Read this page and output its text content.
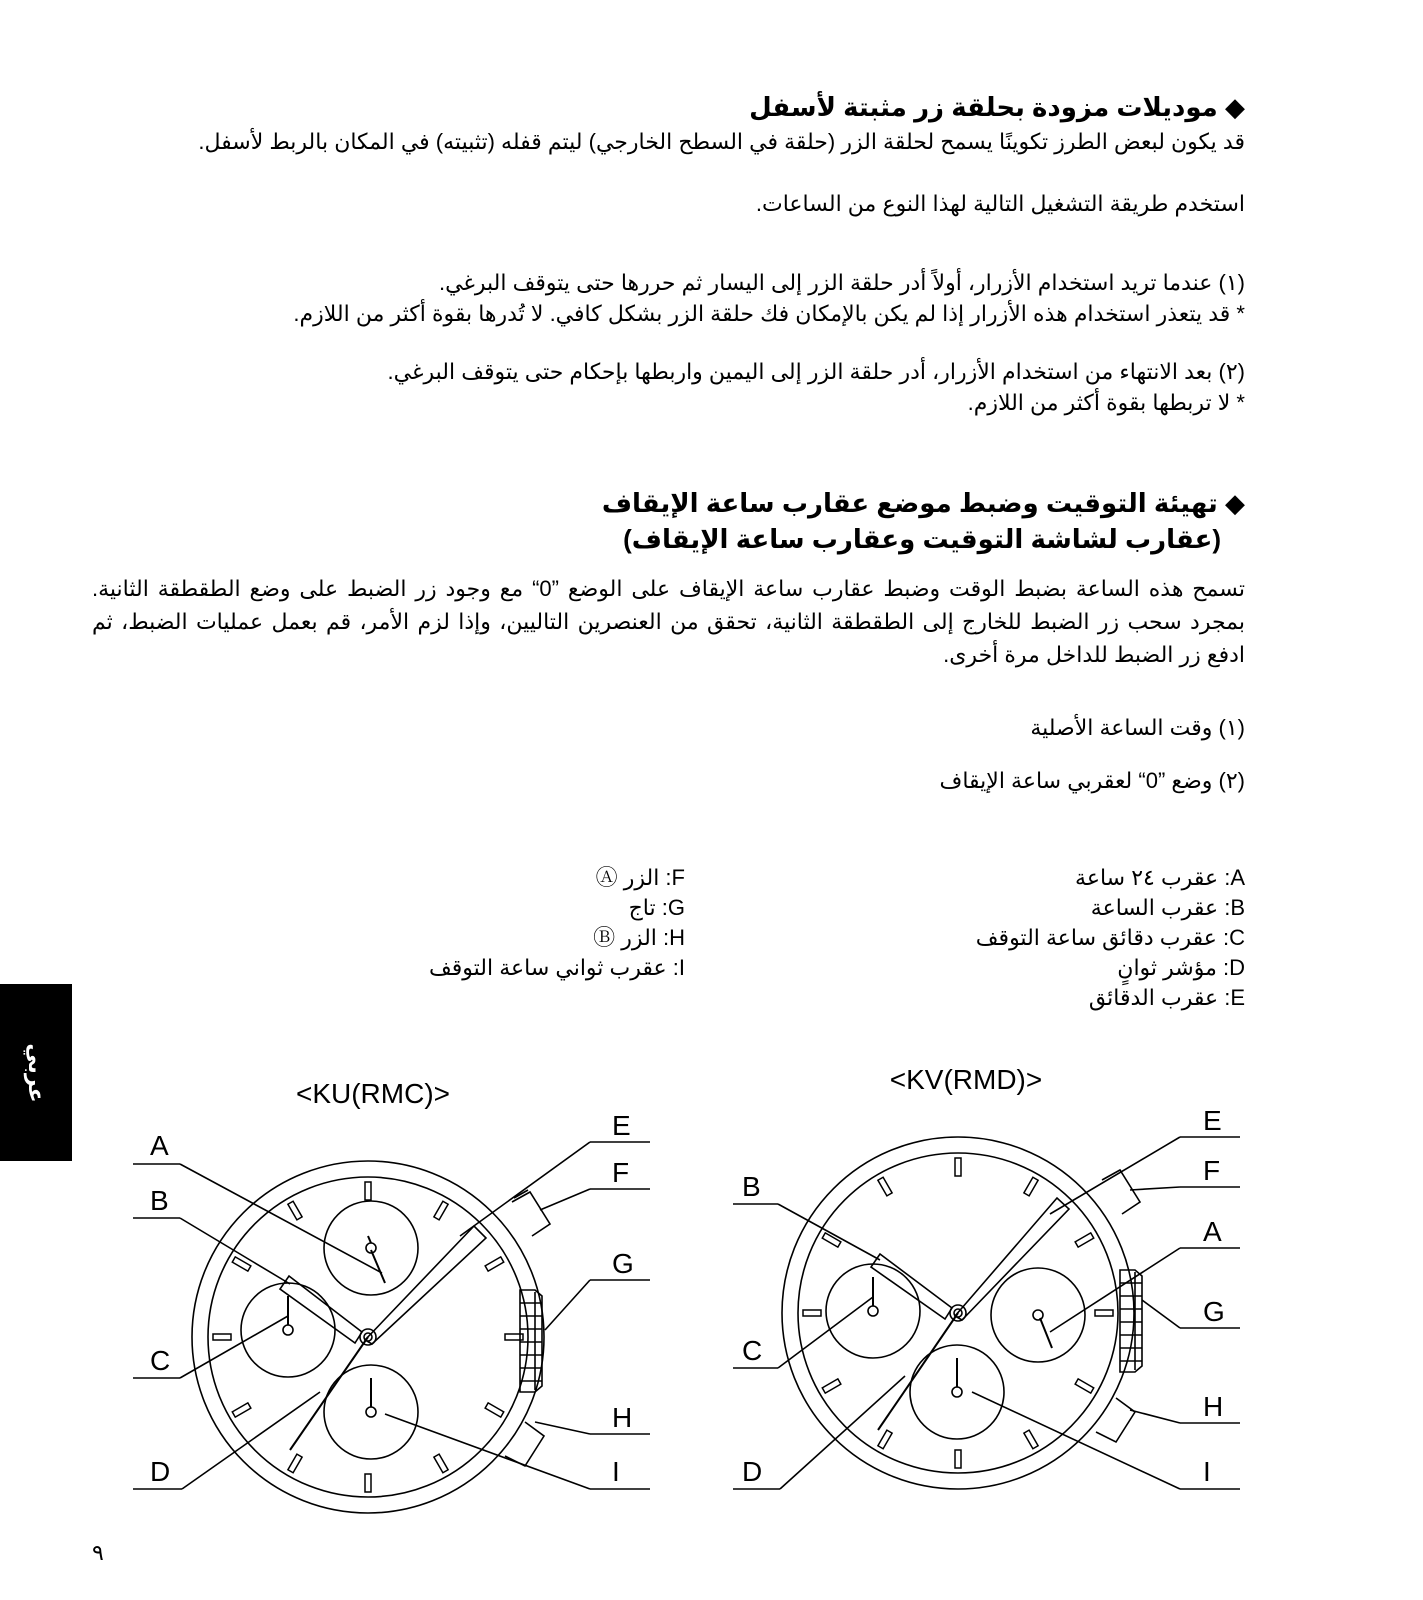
◆ موديلات مزودة بحلقة زر مثبتة لأسفل
قد يكون لبعض الطرز تكوينًا يسمح لحلقة الزر (حلقة في السطح الخارجي) ليتم قفله (تثبيته) في المكان بالربط لأسفل.
استخدم طريقة التشغيل التالية لهذا النوع من الساعات.
(١) عندما تريد استخدام الأزرار، أولاً أدر حلقة الزر إلى اليسار ثم حررها حتى يتوقف البرغي.
* قد يتعذر استخدام هذه الأزرار إذا لم يكن بالإمكان فك حلقة الزر بشكل كافي. لا تُدرها بقوة أكثر من اللازم.
(٢) بعد الانتهاء من استخدام الأزرار، أدر حلقة الزر إلى اليمين واربطها بإحكام حتى يتوقف البرغي.
* لا تربطها بقوة أكثر من اللازم.
◆ تهيئة التوقيت وضبط موضع عقارب ساعة الإيقاف
(عقارب لشاشة التوقيت وعقارب ساعة الإيقاف)
تسمح هذه الساعة بضبط الوقت وضبط عقارب ساعة الإيقاف على الوضع ”0“ مع وجود زر الضبط على وضع الطقطقة الثانية. بمجرد سحب زر الضبط للخارج إلى الطقطقة الثانية، تحقق من العنصرين التاليين، وإذا لزم الأمر، قم بعمل عمليات الضبط، ثم ادفع زر الضبط للداخل مرة أخرى.
(١) وقت الساعة الأصلية
(٢) وضع ”0“ لعقربي ساعة الإيقاف
A: عقرب ٢٤ ساعة
B: عقرب الساعة
C: عقرب دقائق ساعة التوقف
D: مؤشر ثوانٍ
E: عقرب الدقائق
F: الزر Ⓐ
G: تاج
H: الزر Ⓑ
I: عقرب ثواني ساعة التوقف
عربي
٩
<KU(RMC)>	<KV(RMD)>
A
B
C
D
E
F
G
H
I
B
C
D
E
F
A
G
H
I
